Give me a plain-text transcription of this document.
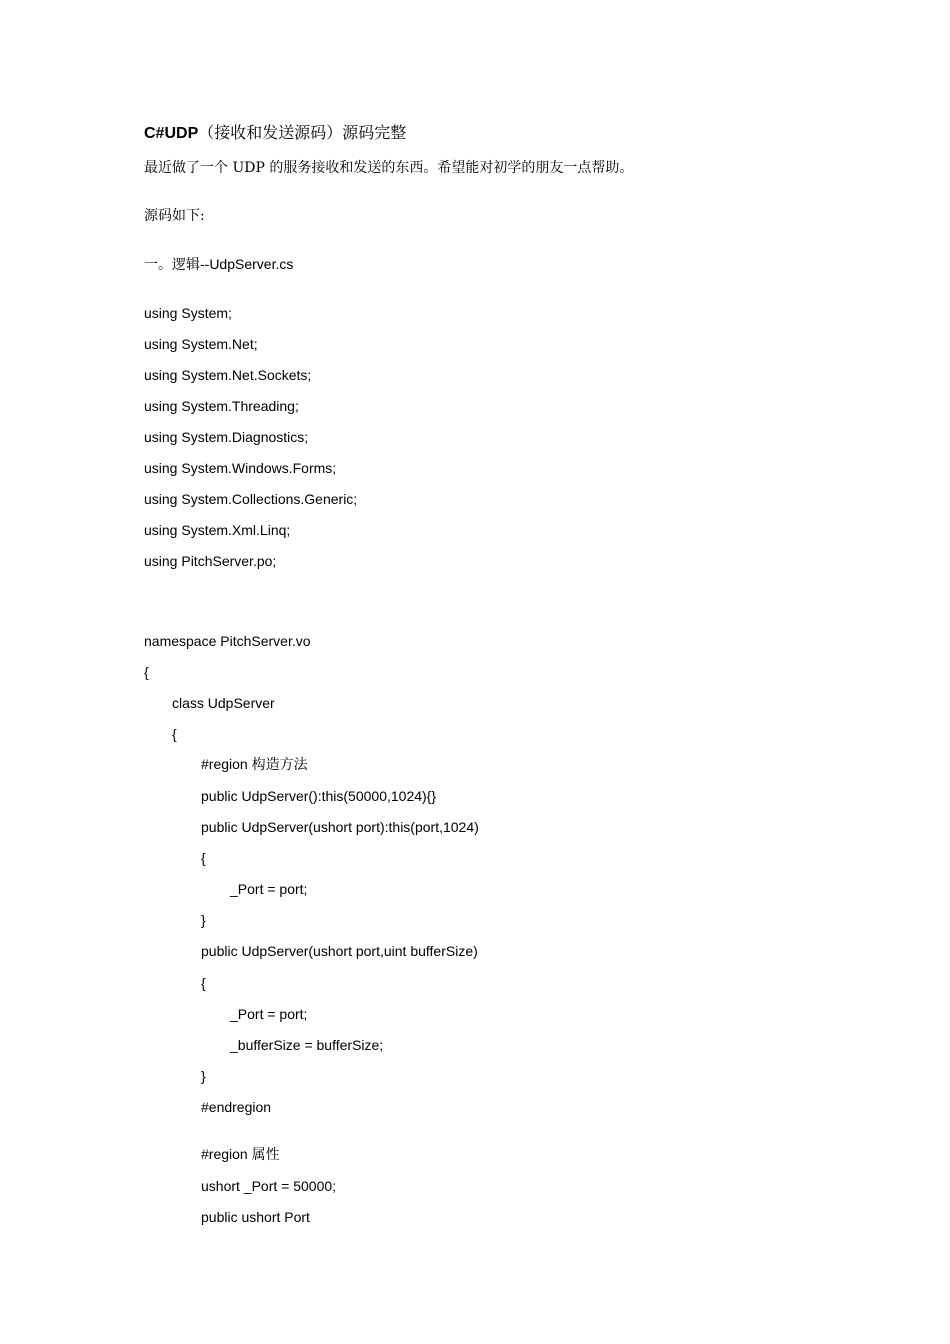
C#UDP（接收和发送源码）源码完整
最近做了一个 UDP 的服务接收和发送的东西。希望能对初学的朋友一点帮助。
源码如下:
一。逻辑--UdpServer.cs
using System;
using System.Net;
using System.Net.Sockets;
using System.Threading;
using System.Diagnostics;
using System.Windows.Forms;
using System.Collections.Generic;
using System.Xml.Linq;
using PitchServer.po;
namespace PitchServer.vo
{
class UdpServer
{
#region 构造方法
public UdpServer():this(50000,1024){}
public UdpServer(ushort port):this(port,1024)
{
_Port = port;
}
public UdpServer(ushort port,uint bufferSize)
{
_Port = port;
_bufferSize = bufferSize;
}
#endregion
#region 属性
ushort _Port = 50000;
public ushort Port
